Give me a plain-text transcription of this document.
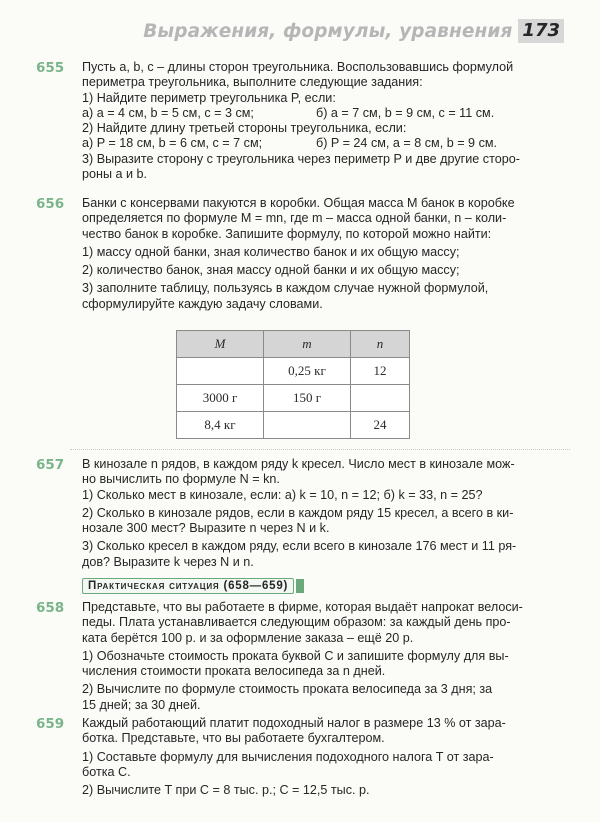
Выражения, формулы, уравнения 173
655 Пусть a, b, c – длины сторон треугольника. Воспользовавшись формулой

периметра треугольника, выполните следующие задания:

1) Найдите периметр треугольника P, если:

а) a = 4 см, b = 5 см, c = 3 см;	б) a = 7 см, b = 9 см, c = 11 см.

2) Найдите длину третьей стороны треугольника, если:

а) P = 18 см, b = 6 см, c = 7 см;	б) P = 24 см, a = 8 см, b = 9 см.

3) Выразите сторону c треугольника через периметр P и две другие сторо-

роны a и b.

656 Банки с консервами пакуются в коробки. Общая масса M банок в коробке

определяется по формуле M = mn, где m – масса одной банки, n – коли-

чество банок в коробке. Запишите формулу, по которой можно найти:

1) массу одной банки, зная количество банок и их общую массу;

2) количество банок, зная массу одной банки и их общую массу;

3) заполните таблицу, пользуясь в каждом случае нужной формулой,

сформулируйте каждую задачу словами.

M	m	n
	0,25 кг	12
3000 г	150 г	
8,4 кг		24
657 В кинозале n рядов, в каждом ряду k кресел. Число мест в кинозале мож-

но вычислить по формуле N = kn.

1) Сколько мест в кинозале, если: а) k = 10, n = 12; б) k = 33, n = 25?

2) Сколько в кинозале рядов, если в каждом ряду 15 кресел, а всего в ки-

нозале 300 мест? Выразите n через N и k.

3) Сколько кресел в каждом ряду, если всего в кинозале 176 мест и 11 ря-

дов? Выразите k через N и n.

Практическая ситуация (658—659)
658 Представьте, что вы работаете в фирме, которая выдаёт напрокат велоси-

педы. Плата устанавливается следующим образом: за каждый день про-

ката берётся 100 р. и за оформление заказа – ещё 20 р.

1) Обозначьте стоимость проката буквой C и запишите формулу для вы-

числения стоимости проката велосипеда за n дней.

2) Вычислите по формуле стоимость проката велосипеда за 3 дня; за

15 дней; за 30 дней.

659 Каждый работающий платит подоходный налог в размере 13 % от зара-

ботка. Представьте, что вы работаете бухгалтером.

1) Составьте формулу для вычисления подоходного налога T от зара-

ботка C.

2) Вычислите T при C = 8 тыс. р.; C = 12,5 тыс. р.
